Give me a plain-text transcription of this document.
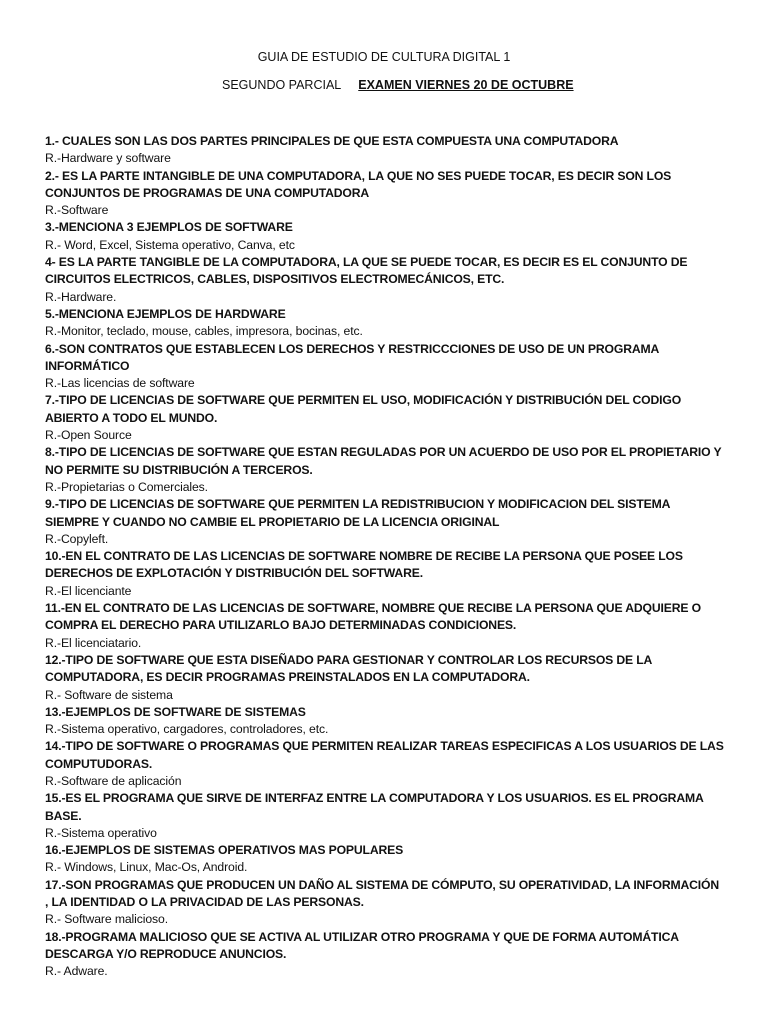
GUIA DE ESTUDIO DE CULTURA DIGITAL 1
SEGUNDO PARCIAL EXAMEN VIERNES 20 DE OCTUBRE

1.- CUALES SON LAS DOS PARTES PRINCIPALES DE QUE ESTA COMPUESTA UNA COMPUTADORA

R.-Hardware y software

2.- ES LA PARTE INTANGIBLE DE UNA COMPUTADORA, LA QUE NO SES PUEDE TOCAR, ES DECIR SON LOS CONJUNTOS DE PROGRAMAS DE UNA COMPUTADORA

R.-Software

3.-MENCIONA 3 EJEMPLOS DE SOFTWARE

R.- Word, Excel, Sistema operativo, Canva, etc

4- ES LA PARTE TANGIBLE DE LA COMPUTADORA, LA QUE SE PUEDE TOCAR, ES DECIR ES EL CONJUNTO DE CIRCUITOS ELECTRICOS, CABLES, DISPOSITIVOS ELECTROMECÁNICOS, ETC.

R.-Hardware.

5.-MENCIONA EJEMPLOS DE HARDWARE

R.-Monitor, teclado, mouse, cables, impresora, bocinas, etc.

6.-SON CONTRATOS QUE ESTABLECEN LOS DERECHOS Y RESTRICCCIONES DE USO DE UN PROGRAMA INFORMÁTICO

R.-Las licencias de software

7.-TIPO DE LICENCIAS DE SOFTWARE QUE PERMITEN EL USO, MODIFICACIÓN Y DISTRIBUCIÓN DEL CODIGO ABIERTO A TODO EL MUNDO.

R.-Open Source

8.-TIPO DE LICENCIAS DE SOFTWARE QUE ESTAN REGULADAS POR UN ACUERDO DE USO POR EL PROPIETARIO Y NO PERMITE SU DISTRIBUCIÓN A TERCEROS.

R.-Propietarias o Comerciales.

9.-TIPO DE LICENCIAS DE SOFTWARE QUE PERMITEN LA REDISTRIBUCION Y MODIFICACION DEL SISTEMA SIEMPRE Y CUANDO NO CAMBIE EL PROPIETARIO DE LA LICENCIA ORIGINAL

R.-Copyleft.

10.-EN EL CONTRATO DE LAS LICENCIAS DE SOFTWARE NOMBRE DE RECIBE LA PERSONA QUE POSEE LOS DERECHOS DE EXPLOTACIÓN Y DISTRIBUCIÓN DEL SOFTWARE.

R.-El licenciante

11.-EN EL CONTRATO DE LAS LICENCIAS DE SOFTWARE, NOMBRE QUE RECIBE LA PERSONA QUE ADQUIERE O COMPRA EL DERECHO PARA UTILIZARLO BAJO DETERMINADAS CONDICIONES.

R.-El licenciatario.

12.-TIPO DE SOFTWARE QUE ESTA DISEÑADO PARA GESTIONAR Y CONTROLAR LOS RECURSOS DE LA COMPUTADORA, ES DECIR PROGRAMAS PREINSTALADOS EN LA COMPUTADORA.

R.- Software de sistema

13.-EJEMPLOS DE SOFTWARE DE SISTEMAS

R.-Sistema operativo, cargadores, controladores, etc.

14.-TIPO DE SOFTWARE O PROGRAMAS QUE PERMITEN REALIZAR TAREAS ESPECIFICAS A LOS USUARIOS DE LAS COMPUTUDORAS.

R.-Software de aplicación

15.-ES EL PROGRAMA QUE SIRVE DE INTERFAZ ENTRE LA COMPUTADORA Y LOS USUARIOS. ES EL PROGRAMA BASE.

R.-Sistema operativo

16.-EJEMPLOS DE SISTEMAS OPERATIVOS MAS POPULARES

R.- Windows, Linux, Mac-Os, Android.

17.-SON PROGRAMAS QUE PRODUCEN UN DAÑO AL SISTEMA DE CÓMPUTO, SU OPERATIVIDAD, LA INFORMACIÓN , LA IDENTIDAD O LA PRIVACIDAD DE LAS PERSONAS.

R.- Software malicioso.

18.-PROGRAMA MALICIOSO QUE SE ACTIVA AL UTILIZAR OTRO PROGRAMA Y QUE DE FORMA AUTOMÁTICA DESCARGA Y/O REPRODUCE ANUNCIOS.

R.- Adware.
